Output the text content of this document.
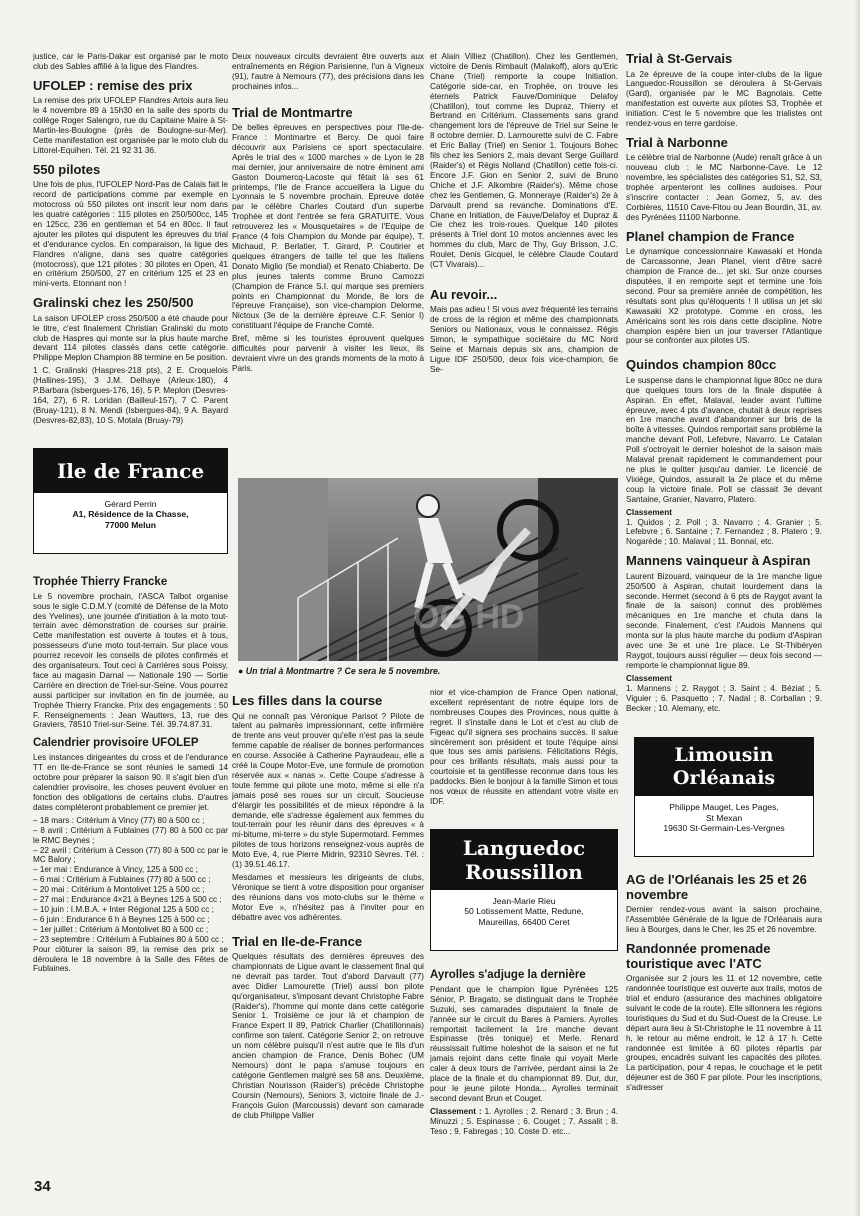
justice, car le Paris-Dakar est organisé par le moto club des Sables affilié à la ligue des Flandres.

UFOLEP : remise des prix

La remise des prix UFOLEP Flandres Artois aura lieu le 4 novembre 89 à 15h30 en la salle des sports du collège Roger Salengro, rue du Capitaine Maire à St-Martin-les-Boulogne (près de Boulogne-sur-Mer). Cette manifestation est organisée par le moto club du Littorel-Equihen. Tél. 21 92 31 36.

550 pilotes

Une fois de plus, l'UFOLEP Nord-Pas de Calais fait le record de participations comme par exemple en motocross où 550 pilotes ont inscrit leur nom dans les quatre catégories : 115 pilotes en 250/500cc, 145 en 125cc, 236 en gentleman et 54 en 80cc. Il faut ajouter les pilotes qui disputent les épreuves du trial et d'endurance cyclos. En comparaison, la ligue des Flandres n'aligne, dans ses quatre catégories (motocross), que 121 pilotes : 30 pilotes en Open, 41 en critérium 250/500, 27 en critérium 125 et 23 en mini-verts. Etonnant non !

Gralinski chez les 250/500

La saison UFOLEP cross 250/500 a été chaude pour le titre, c'est finalement Christian Gralinski du moto club de Haspres qui monte sur la plus haute marche devant 114 pilotes classés dans cette catégorie. Philippe Meplon Champion 88 termine en 5e position.

1 C. Gralinski (Haspres-218 pts), 2 E. Croquelois (Hallines-195), 3 J.M. Delhaye (Arleux-180), 4 P.Barbara (Isbergues-176, 16), 5 P. Meplon (Desvres-164, 27), 6 R. Loridan (Bailleul-157), 7 C. Parent (Bruay-121), 8 N. Mendi (Isbergues-84), 9 A. Bayard (Desvres-82,83), 10 S. Motala (Bruay-79)

Ile de France
Gérard Perrin
A1, Résidence de la Chasse,
77000 Melun
Trophée Thierry Francke

Le 5 novembre prochain, l'ASCA Talbot organise sous le sigle C.D.M.Y (comité de Défense de la Moto des Yvelines), une journée d'initiation à la moto tout-terrain avec démonstration de courses sur prairie. Cette manifestation est ouverte à toutes et à tous, possesseurs d'une moto tout-terrain. Sur place vous pourrez recevoir les conseils de pilotes confirmés et des organisateurs. Tout ceci à Carrières sous Poissy, face au magasin Darnal — Nationale 190 — Sortie Carrière en direction de Triel-sur-Seine. Vous pourrez aussi participer sur invitation en fin de journée, au Trophée Thierry Francke. Prix des engagements : 50 F. Renseignements : Jean Wautters, 13, rue des Graviers, 78510 Triel-sur-Seine. Tél. 39.74.87.31.

Calendrier provisoire UFOLEP

Les instances dirigeantes du cross et de l'endurance TT en Ile-de-France se sont réunies le samedi 14 octobre pour préparer la saison 90. Il s'agit bien d'un calendrier provisoire, les choses peuvent évoluer en fonction des obligations de certains clubs. D'autres dates compléteront probablement ce premier jet.

– 18 mars : Critérium à Vincy (77) 80 à 500 cc ;
– 8 avril : Critérium à Fublaines (77) 80 à 500 cc par le RMC Beynes ;
– 22 avril : Critérium à Cesson (77) 80 à 500 cc par le MC Balory ;
– 1er mai : Endurance à Vincy, 125 à 500 cc ;
– 6 mai : Critérium à Fublaines (77) 80 à 500 cc ;
– 20 mai : Critérium à Montolivet 125 à 500 cc ;
– 27 mai : Endurance 4×21 à Beynes 125 à 500 cc ;
– 10 juin : I.M.B.A. + Inter Régional 125 à 500 cc ;
– 6 juin : Endurance 6 h à Beynes 125 à 500 cc ;
– 1er juillet : Critérium à Montolivet 80 à 500 cc ;
– 23 septembre : Critérium à Fublaines 80 à 500 cc ;

Pour clôturer la saison 89, la remise des prix se déroulera le 18 novembre à la Salle des Fêtes de Fublaines.

Deux nouveaux circuits devraient être ouverts aux entraînements en Région Parisienne, l'un à Vigneux (91), l'autre à Nemours (77), des précisions dans les prochaines infos...

Trial de Montmartre

De belles épreuves en perspectives pour l'Ile-de-France : Montmartre et Bercy. De quoi faire découvrir aux Parisiens ce sport spectaculaire. Après le trial des « 1000 marches » de Lyon le 28 mai dernier, jour anniversaire de notre éminent ami Gaston Doumercq-Lacoste qui fêtait là ses 61 printemps, l'Ile de France accueillera la Ligue du Lyonnais le 5 novembre prochain. Epreuve dotée par le célèbre Charles Coutard d'un superbe Trophée et dont l'entrée se fera GRATUITE. Vous retrouverez les « Mousquetaires » de l'Equipe de France (4 fois Champion du Monde par équipe), T. Michaud, P. Berlatier, T. Girard, P. Coutirier et quelques étrangers de taille tel que les Italiens Donato Miglio (5e mondial) et Renato Chiaberto. De plus jeunes talents comme Bruno Camozzi (Champion de France S.I. qui marque ses premiers points en Championnat du Monde, 8e lors de l'épreuve Française), son vice-champion Delorme, Nictoux (3e de la dernière épreuve C.F. Senior I) constituant l'équipe de Franche Comté.

Bref, même si les touristes éprouvent quelques difficultés pour parvenir à visiter les lieux, ils devraient vivre un des grands moments de la moto à Paris.

et Alain Villiez (Chatillon). Chez les Gentlemen, victoire de Denis Rimbault (Malakoff), alors qu'Eric Chane (Triel) remporte la coupe Initiation. Catégorie side-car, en Trophée, on trouve les éternels Patrick Fauve/Dominique Delafoy (Chatillon), tout comme les Dupraz, Thierry et Bertrand en Critérium. Classements sans grand changement lors de l'épreuve de Triel sur Seine le 8 octobre dernier. D. Larmourette suivi de C. Fabre et Eric Ballay (Triel) en Senior 1. Toujours Bohec fils chez les Seniors 2, mais devant Serge Guillard (Raider's) et Régis Nolland (Chatillon) cette fois-ci. Encore J.F. Gion en Senior 2, suivi de Bruno Chiche et J.F. Alkombre (Raider's). Même chose chez les Gentlemen, G. Monneraye (Raider's) 2e à Darvault prend sa revanche. Dominations d'E. Chane en Initiation, de Fauve/Delafoy et Dupraz & Cie chez les trois-roues. Quelque 140 pilotes présents à Triel dont 10 motos anciennes avec les hommes du club, Marc de Thy, Guy Brisson, J.C. Roulet, Denis Gicquel, le célèbre Claude Coutard (CT Vivarais)...

Au revoir...

Mais pas adieu ! Si vous avez fréquenté les terrains de cross de la région et même des championnats Seniors ou Nationaux, vous le connaissez. Régis Simon, le sympathique sociétaire du MC Nord Seine et Marnais depuis six ans, champion de Ligue IDF 250/500, deux fois vice-champion, 6e Se-

OG HD
● Un trial à Montmartre ? Ce sera le 5 novembre.
Les filles dans la course

Qui ne connaît pas Véronique Parisot ? Pilote de talent au palmarès impressionnant, cette infirmière de trente ans veut prouver qu'elle n'est pas la seule femme capable de réaliser de bonnes performances en course. Associée à Catherine Payraudeau, elle a créé la Coupe Motor-Eve, une formule de promotion réservée aux « nanas ». Cette Coupe s'adresse à toute femme qui pilote une moto, même si elle n'a jamais posé ses roues sur un circuit. Soucieuse d'élargir les possibilités et de mieux répondre à la demande, elle s'adresse également aux femmes du tout-terrain pour les réunir dans des épreuves « à mi-bitume, mi-terre » du style Supermotard. Femmes pilotes de tous horizons renseignez-vous auprès de Moto Eve, 4, rue Pierre Midrin, 92310 Sèvres. Tél. : (1) 39.51.46.17.

Mesdames et messieurs les dirigeants de clubs, Véronique se tient à votre disposition pour organiser des réunions dans vos moto-clubs sur le thème « Motor Eve », n'hésitez pas à l'inviter pour en débattre avec vos adhérentes.

Trial en Ile-de-France

Quelques résultats des dernières épreuves des championnats de Ligue avant le classement final qui ne devrait pas tarder. Tout d'abord Darvault (77) avec Didier Lamourette (Triel) aussi bon pilote qu'organisateur, s'imposant devant Christophe Fabre (Raider's), l'homme qui monte dans cette catégorie Senior 1. Troisième ce jour là et champion de France Expert II 89, Patrick Charlier (Chatillonnais) confirme son talent. Catégorie Senior 2, on retrouve un nom célèbre puisqu'il n'est autre que le fils d'un ancien champion de France, Denis Bohec (UM Nemours) dont le papa s'amuse toujours en catégorie Gentlemen malgré ses 58 ans. Deuxième, Christian Nourisson (Raider's) précède Christophe Coursin (Nemours), Seniors 3, victoire finale de J.-François Guion (Marcoussis) devant son camarade de club Philippe Vallier

nior et vice-champion de France Open national, excellent représentant de notre équipe lors de nombreuses Coupes des Provinces, nous quitte à regret. Il s'installe dans le Lot et c'est au club de Figeac qu'il signera ses prochains succès. Il salue sincèrement son président et toute l'équipe ainsi que tous ses amis parisiens. Félicitations Régis, pour ces brillants résultats, mais aussi pour ta courtoisie et ta gentillesse reconnue dans tous les paddocks. Bien le bonjour à la famille Simon et tous nos vœux de réussite en attendant votre visite en IDF.

Languedoc
Roussillon
Jean-Marie Rieu
50 Lotissement Matte, Redune,
Maureillas, 66400 Ceret
Ayrolles s'adjuge la dernière

Pendant que le champion ligue Pyrénées 125 Sénior, P. Bragato, se distinguait dans le Trophée Suzuki, ses camarades disputaient la finale de l'année sur le circuit du Bares à Pamiers. Ayrolles remportait facilement la 1re manche devant Espinasse (très tonique) et Merle. Renard réussissait l'ultime holeshot de la saison et ne fut jamais rejoint dans cette finale qui voyait Merle caler à deux tours de l'arrivée, perdant ainsi la 2e place de la finale et du championnat 89. Dur, dur, pour le jeune pilote Honda... Ayrolles terminait second devant Brun et Couget.

Classement : 1. Ayrolles ; 2. Renard ; 3. Brun ; 4. Minuzzi ; 5. Espinasse ; 6. Couget ; 7. Assalit ; 8. Teso ; 9. Fabregas ; 10. Coste D. etc...

Trial à St-Gervais

La 2e épreuve de la coupe inter-clubs de la ligue Languedoc-Roussillon se déroulera à St-Gervais (Gard), organisée par le MC Bagnolais. Cette manifestation est ouverte aux pilotes S3, Trophée et initiation. C'est le 5 novembre que les trialistes ont rendez-vous en terre gardoise.

Trial à Narbonne

Le célèbre trial de Narbonne (Aude) renaît grâce à un nouveau club : le MC Narbonne-Cave. Le 12 novembre, les spécialistes des catégories S1, S2, S3, trophée arpenteront les collines audoises. Pour s'inscrire contacter : Jean Gomez, 5, av. des Corbières, 11510 Cave-Fitou ou Jean Bourdin, 31, av. des Pyrénées 11100 Narbonne.

Planel champion de France

Le dynamique concessionnaire Kawasaki et Honda de Carcassonne, Jean Planel, vient d'être sacré champion de France de... jet ski. Sur onze courses disputées, il en remporte sept et termine une fois second. Pour sa première année de compétition, les résultats sont plus qu'éloquents ! Il utilisa un jet ski Kawasaki X2 prototype. Comme en cross, les Américains sont les rois dans cette discipline. Notre champion espère bien un jour traverser l'Atlantique pour se confronter aux pilotes US.

Quindos champion 80cc

Le suspense dans le championnat ligue 80cc ne dura que quelques tours lors de la finale disputée à Aspiran. En effet, Malaval, leader avant l'ultime épreuve, avec 4 pts d'avance, chutait à deux reprises en 1re manche avant d'abandonner sur bris de la boîte à vitesses. Quindos remportait sans problème la manche devant Poll, Lefebvre, Navarro. Le Catalan Poll s'octroyait le dernier holeshot de la saison mais Malaval prenait rapidement le commandement pour ne plus le quitter jusqu'au damier. Le licencié de Vixiège, Quindos, assurait la 2e place et du même coup la victoire finale. Poll se classait 3e devant Santaine, Granier, Navarro, Platero.

Classement

1. Quidos ; 2. Poll ; 3. Navarro ; 4. Granier ; 5. Lefebvre ; 6. Santaine ; 7. Fernandez ; 8. Platero ; 9. Nogarède ; 10. Malaval ; 11. Bonnal, etc.

Mannens vainqueur à Aspiran

Laurent Bizouard, vainqueur de la 1re manche ligue 250/500 à Aspiran, chutait lourdement dans la seconde. Hermet (second à 6 pts de Raygot avant la finale de la saison) connut des problèmes mécaniques en 1re manche et chuta dans la seconde. Finalement, c'est l'Audois Mannens qui monta sur la plus haute marche du podium d'Aspiran avec une 3e et une 1re place. Le St-Thibéryen Raygot, toujours aussi régulier — deux fois second — remporte le championnat ligue 89.

Classement

1. Mannens ; 2. Raygot ; 3. Saint ; 4. Béziat ; 5. Viguier ; 6. Pasquetto ; 7. Nadal ; 8. Corballan ; 9. Becker ; 10. Alemany, etc.

Limousin
Orléanais
Philippe Mauget, Les Pages,
St Mexan
19630 St-Germain-Les-Vergnes
AG de l'Orléanais les 25 et 26 novembre

Dernier rendez-vous avant la saison prochaine, l'Assemblée Générale de la ligue de l'Orléanais aura lieu à Bourges, dans le Cher, les 25 et 26 novembre.

Randonnée promenade touristique avec l'ATC

Organisée sur 2 jours les 11 et 12 novembre, cette randonnée touristique est ouverte aux trails, motos de trial et enduro (assurance des machines obligatoire suivant le code de la route). Elle sillonnera les régions touristiques du Sud et du Sud-Ouest de la Creuse. Le départ aura lieu à St-Christophe le 11 novembre à 11 h, le retour au même endroit, le 12 à 17 h. Cette randonnée est limitée à 60 pilotes répartis par groupes, encadrés suivant les capacités des pilotes. La participation, pour 4 repas, le couchage et le petit déjeuner est de 360 F par pilote. Pour les inscriptions, s'adresser

34
